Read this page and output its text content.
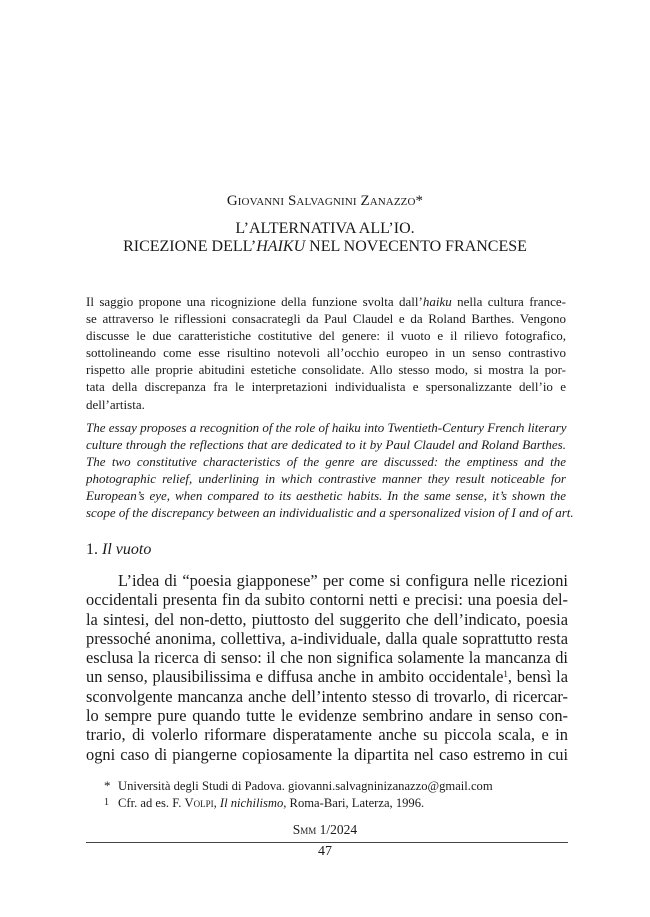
Giovanni Salvagnini Zanazzo*
L’ALTERNATIVA ALL’IO.
RICEZIONE DELL’HAIKU NEL NOVECENTO FRANCESE
Il saggio propone una ricognizione della funzione svolta dall’haiku nella cultura france-
se attraverso le riflessioni consacrategli da Paul Claudel e da Roland Barthes. Vengono
discusse le due caratteristiche costitutive del genere: il vuoto e il rilievo fotografico,
sottolineando come esse risultino notevoli all’occhio europeo in un senso contrastivo
rispetto alle proprie abitudini estetiche consolidate. Allo stesso modo, si mostra la por-
tata della discrepanza fra le interpretazioni individualista e spersonalizzante dell’io e
dell’artista.
The essay proposes a recognition of the role of haiku into Twentieth-Century French literary
culture through the reflections that are dedicated to it by Paul Claudel and Roland Barthes.
The two constitutive characteristics of the genre are discussed: the emptiness and the
photographic relief, underlining in which contrastive manner they result noticeable for
European’s eye, when compared to its aesthetic habits. In the same sense, it’s shown the
scope of the discrepancy between an individualistic and a spersonalized vision of I and of art.
1. Il vuoto
L’idea di “poesia giapponese” per come si configura nelle ricezioni
occidentali presenta fin da subito contorni netti e precisi: una poesia del-
la sintesi, del non-detto, piuttosto del suggerito che dell’indicato, poesia
pressoché anonima, collettiva, a-individuale, dalla quale soprattutto resta
esclusa la ricerca di senso: il che non significa solamente la mancanza di
un senso, plausibilissima e diffusa anche in ambito occidentale$^1$, bensì la
sconvolgente mancanza anche dell’intento stesso di trovarlo, di ricercar-
lo sempre pure quando tutte le evidenze sembrino andare in senso con-
trario, di volerlo riformare disperatamente anche su piccola scala, e in
ogni caso di piangerne copiosamente la dipartita nel caso estremo in cui
* Università degli Studi di Padova. giovanni.salvagninizanazzo@gmail.com
1 Cfr. ad es. F. Volpi, Il nichilismo, Roma-Bari, Laterza, 1996.
Smm 1/2024
47
